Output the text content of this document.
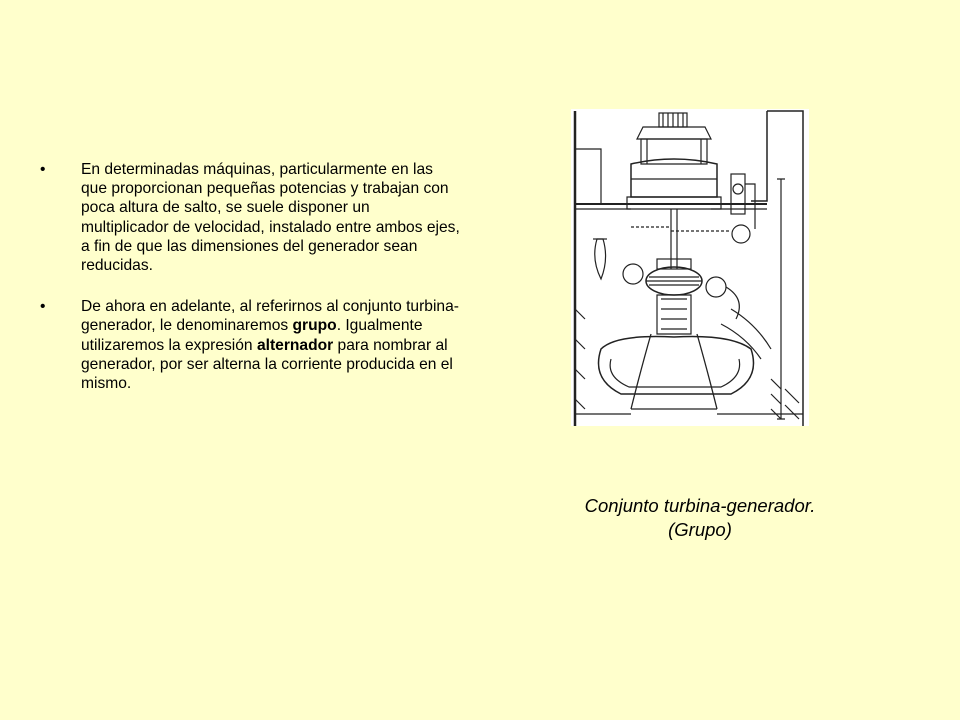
• En determinadas máquinas, particularmente en las que proporcionan pequeñas potencias y trabajan con poca altura de salto, se suele disponer un multiplicador de velocidad, instalado entre ambos ejes, a fin de que las dimensiones del generador sean reducidas.
• De ahora en adelante, al referirnos al conjunto turbina-generador, le denominaremos grupo. Igualmente utilizaremos la expresión alternador para nombrar al generador, por ser alterna la corriente producida en el mismo.
Conjunto turbina-generador.
(Grupo)
